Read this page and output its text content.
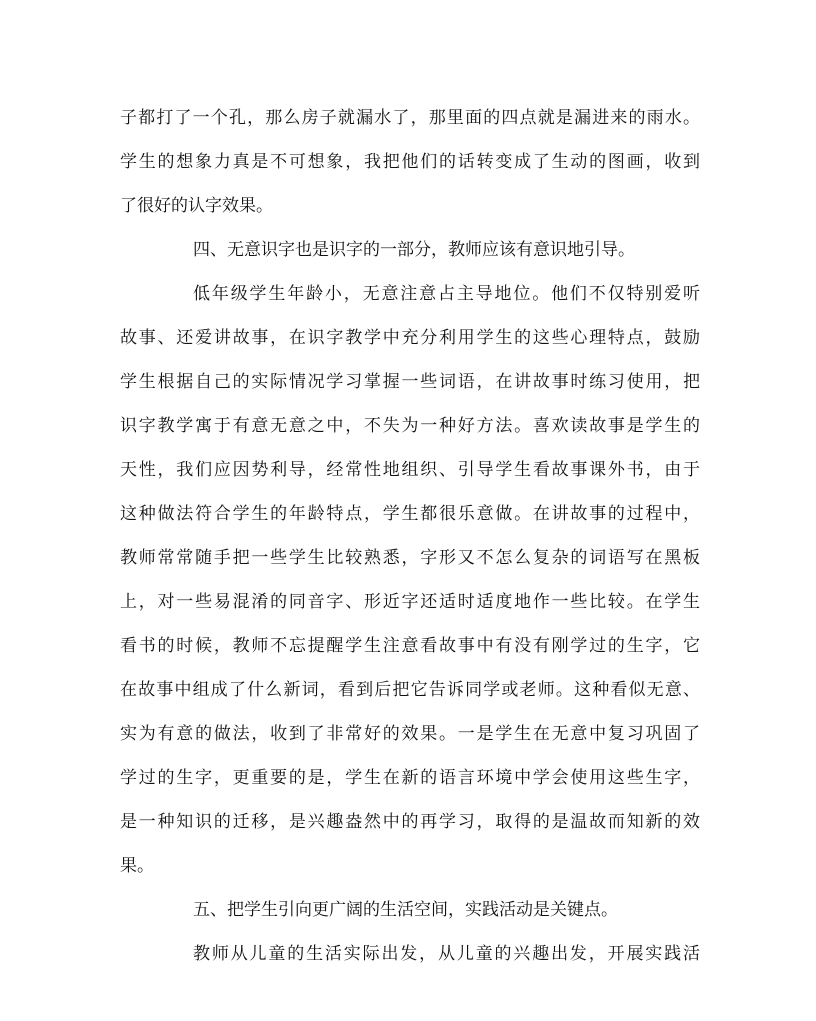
子都打了一个孔，那么房子就漏水了，那里面的四点就是漏进来的雨水。
学生的想象力真是不可想象，我把他们的话转变成了生动的图画，收到
了很好的认字效果。
四、无意识字也是识字的一部分，教师应该有意识地引导。
低年级学生年龄小，无意注意占主导地位。他们不仅特别爱听
故事、还爱讲故事，在识字教学中充分利用学生的这些心理特点，鼓励
学生根据自己的实际情况学习掌握一些词语，在讲故事时练习使用，把
识字教学寓于有意无意之中，不失为一种好方法。喜欢读故事是学生的
天性，我们应因势利导，经常性地组织、引导学生看故事课外书，由于
这种做法符合学生的年龄特点，学生都很乐意做。在讲故事的过程中，
教师常常随手把一些学生比较熟悉，字形又不怎么复杂的词语写在黑板
上，对一些易混淆的同音字、形近字还适时适度地作一些比较。在学生
看书的时候，教师不忘提醒学生注意看故事中有没有刚学过的生字，它
在故事中组成了什么新词，看到后把它告诉同学或老师。这种看似无意、
实为有意的做法，收到了非常好的效果。一是学生在无意中复习巩固了
学过的生字，更重要的是，学生在新的语言环境中学会使用这些生字，
是一种知识的迁移，是兴趣盎然中的再学习，取得的是温故而知新的效
果。
五、把学生引向更广阔的生活空间，实践活动是关键点。
教师从儿童的生活实际出发，从儿童的兴趣出发，开展实践活
